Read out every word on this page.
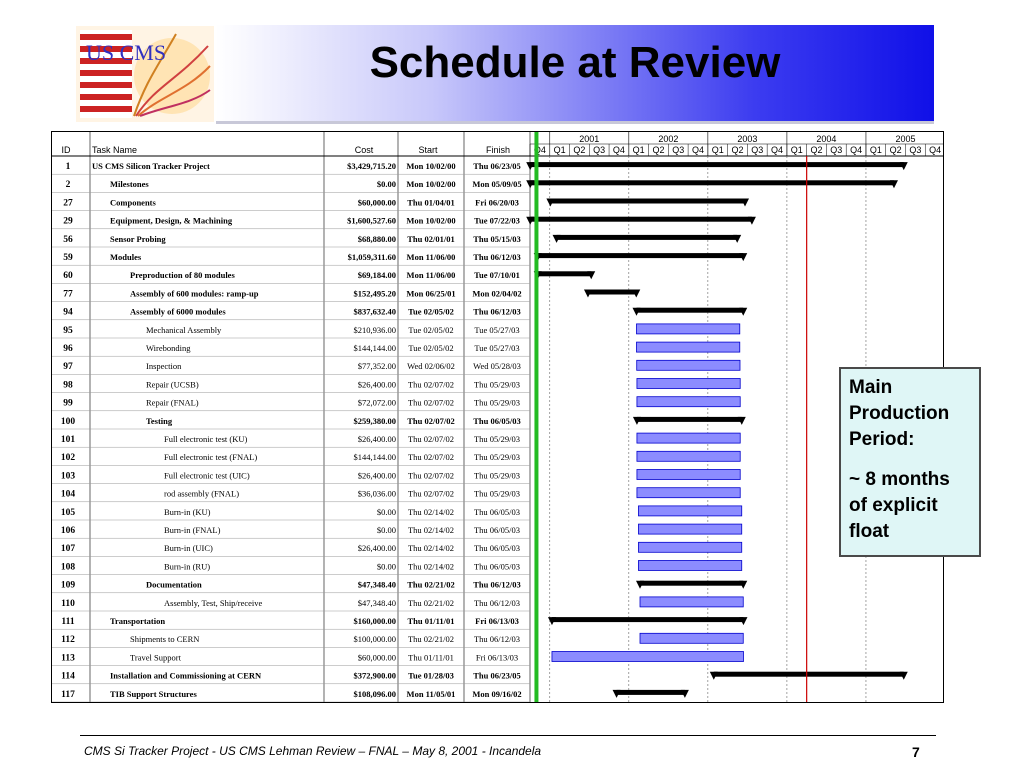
US CMS	Schedule at Review
ID Task Name	Cost	Start	Finish
2001	2002	2003	2004	2005
Q4 Q1 Q2 Q3 Q4 Q1 Q2 Q3 Q4 Q1 Q2 Q3 Q4 Q1 Q2 Q3 Q4 Q1 Q2 Q3 Q4
1	US CMS Silicon Tracker Project	$3,429,715.20 Mon 10/02/00 Thu 06/23/05
2	Milestones	$0.00 Mon 10/02/00 Mon 05/09/05
27	Components	$60,000.00 Thu 01/04/01 Fri 06/20/03
29	Equipment, Design, & Machining	$1,600,527.60 Mon 10/02/00 Tue 07/22/03
56	Sensor Probing	$68,880.00 Thu 02/01/01 Thu 05/15/03
59	Modules	$1,059,311.60 Mon 11/06/00 Thu 06/12/03
60	Preproduction of 80 modules	$69,184.00 Mon 11/06/00 Tue 07/10/01
77	Assembly of 600 modules: ramp-up	$152,495.20 Mon 06/25/01 Mon 02/04/02
94	Assembly of 6000 modules	$837,632.40 Tue 02/05/02 Thu 06/12/03
95	Mechanical Assembly	$210,936.00 Tue 02/05/02 Tue 05/27/03
96	Wirebonding	$144,144.00 Tue 02/05/02 Tue 05/27/03
97	Inspection	$77,352.00 Wed 02/06/02 Wed 05/28/03
98	Repair (UCSB)	$26,400.00 Thu 02/07/02 Thu 05/29/03
99	Repair (FNAL)	$72,072.00 Thu 02/07/02 Thu 05/29/03
100	Testing	$259,380.00 Thu 02/07/02 Thu 06/05/03
101	Full electronic test (KU)	$26,400.00 Thu 02/07/02 Thu 05/29/03
102	Full electronic test (FNAL)	$144,144.00 Thu 02/07/02 Thu 05/29/03
103	Full electronic test (UIC)	$26,400.00 Thu 02/07/02 Thu 05/29/03
104	rod assembly (FNAL)	$36,036.00 Thu 02/07/02 Thu 05/29/03
105	Burn-in (KU)	$0.00 Thu 02/14/02 Thu 06/05/03
106	Burn-in (FNAL)	$0.00 Thu 02/14/02 Thu 06/05/03
107	Burn-in (UIC)	$26,400.00 Thu 02/14/02 Thu 06/05/03
108	Burn-in (RU)	$0.00 Thu 02/14/02 Thu 06/05/03
109	Documentation	$47,348.40 Thu 02/21/02 Thu 06/12/03
110	Assembly, Test, Ship/receive	$47,348.40 Thu 02/21/02 Thu 06/12/03
111	Transportation	$160,000.00 Thu 01/11/01 Fri 06/13/03
112	Shipments to CERN	$100,000.00 Thu 02/21/02 Thu 06/12/03
113	Travel Support	$60,000.00 Thu 01/11/01	Fri 06/13/03
114	Installation and Commissioning at CERN	$372,900.00 Tue 01/28/03 Thu 06/23/05
117	TIB Support Structures	$108,096.00 Mon 11/05/01 Mon 09/16/02

Main Production Period:

~ 8 months of explicit float

CMS Si Tracker Project - US CMS Lehman Review – FNAL – May 8, 2001 - Incandela	7
